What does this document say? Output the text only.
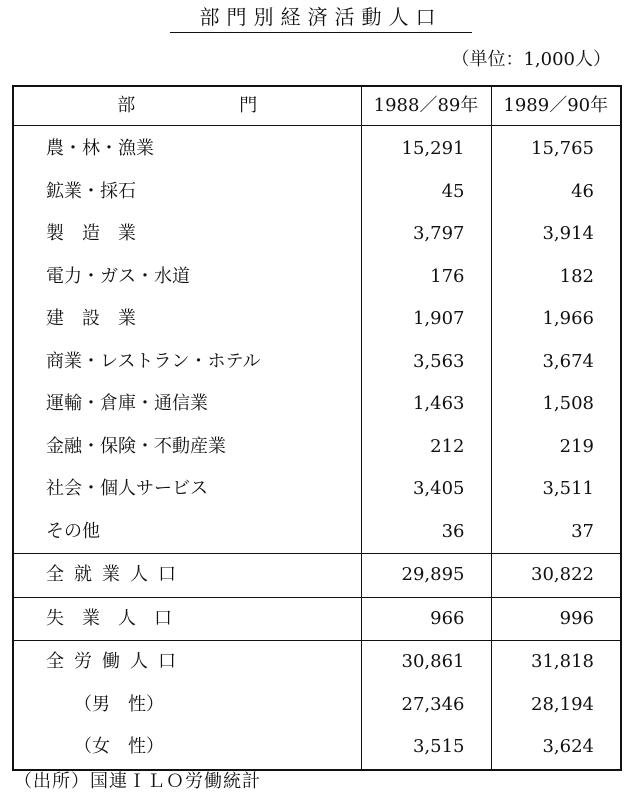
部門別経済活動人口
（単位：1,000人）
部 門	1988／89年	1989／90年
農・林・漁業	15,291	15,765
鉱業・採石	45	46
製　造　業	3,797	3,914
電力・ガス・水道	176	182
建　設　業	1,907	1,966
商業・レストラン・ホテル	3,563	3,674
運輸・倉庫・通信業	1,463	1,508
金融・保険・不動産業	212	219
社会・個人サービス	3,405	3,511
その他	36	37
全就業人口	29,895	30,822
失　業　人　口	966	996
全労働人口	30,861	31,818
（男　性）	27,346	28,194
（女　性）	3,515	3,624
（出所）国連ＩＬＯ労働統計
